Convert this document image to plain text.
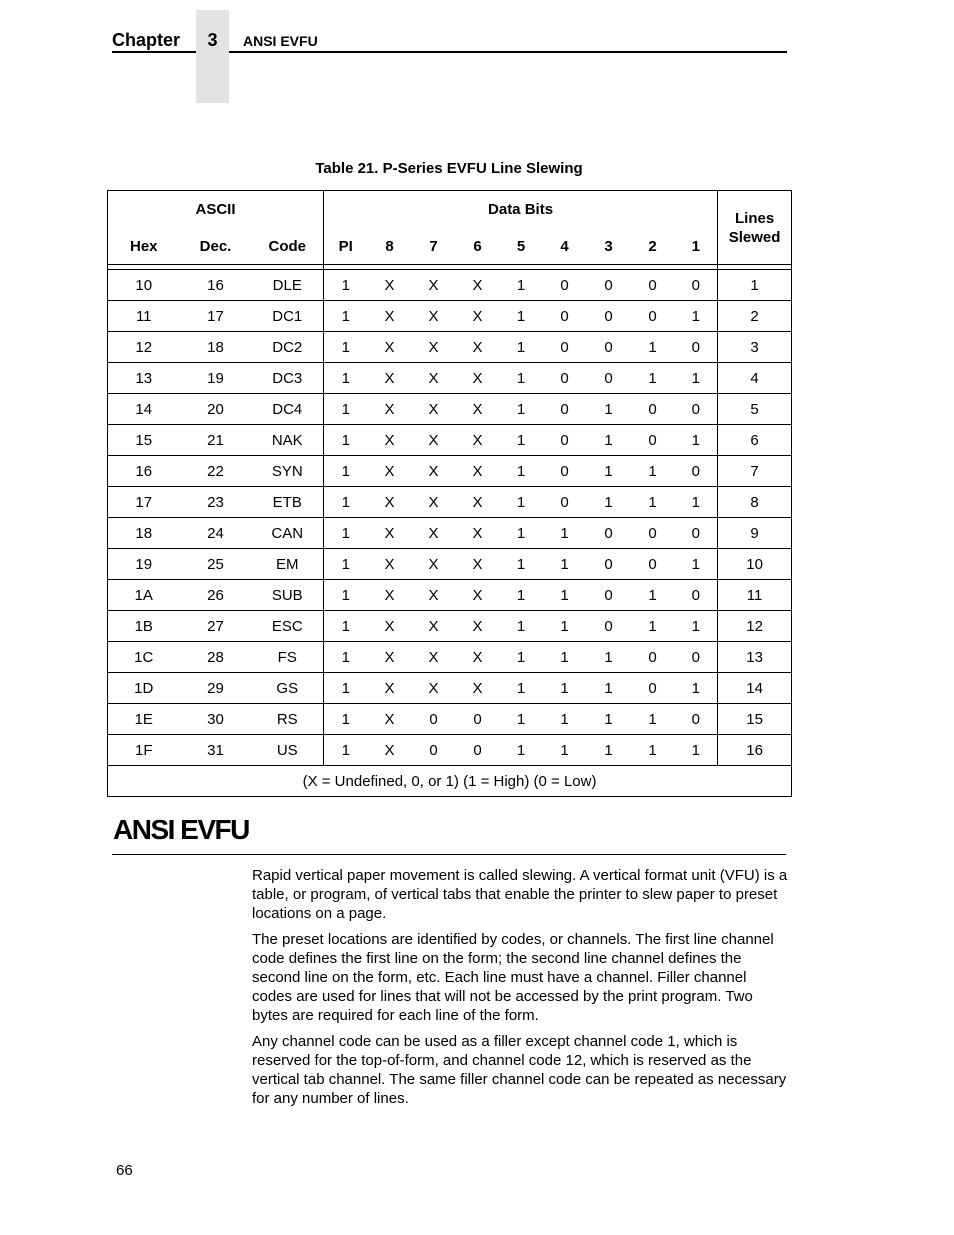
Chapter	3	ANSI EVFU
Table 21. P-Series EVFU Line Slewing
ASCII			Data Bits									Lines
Slewed
Hex	Dec.	Code	PI	8	7	6	5	4	3	2	1	

10	16	DLE	1	X	X	X	1	0	0	0	0	1
11	17	DC1	1	X	X	X	1	0	0	0	1	2
12	18	DC2	1	X	X	X	1	0	0	1	0	3
13	19	DC3	1	X	X	X	1	0	0	1	1	4
14	20	DC4	1	X	X	X	1	0	1	0	0	5
15	21	NAK	1	X	X	X	1	0	1	0	1	6
16	22	SYN	1	X	X	X	1	0	1	1	0	7
17	23	ETB	1	X	X	X	1	0	1	1	1	8
18	24	CAN	1	X	X	X	1	1	0	0	0	9
19	25	EM	1	X	X	X	1	1	0	0	1	10
1A	26	SUB	1	X	X	X	1	1	0	1	0	11
1B	27	ESC	1	X	X	X	1	1	0	1	1	12
1C	28	FS	1	X	X	X	1	1	1	0	0	13
1D	29	GS	1	X	X	X	1	1	1	0	1	14
1E	30	RS	1	X	0	0	1	1	1	1	0	15
1F	31	US	1	X	0	0	1	1	1	1	1	16
(X = Undefined, 0, or 1) (1 = High) (0 = Low)												
ANSI EVFU

Rapid vertical paper movement is called slewing. A vertical format unit (VFU) is a table, or program, of vertical tabs that enable the printer to slew paper to preset locations on a page.

The preset locations are identified by codes, or channels. The first line channel code defines the first line on the form; the second line channel defines the second line on the form, etc. Each line must have a channel. Filler channel codes are used for lines that will not be accessed by the print program. Two bytes are required for each line of the form.

Any channel code can be used as a filler except channel code 1, which is reserved for the top-of-form, and channel code 12, which is reserved as the vertical tab channel. The same filler channel code can be repeated as necessary for any number of lines.

66
